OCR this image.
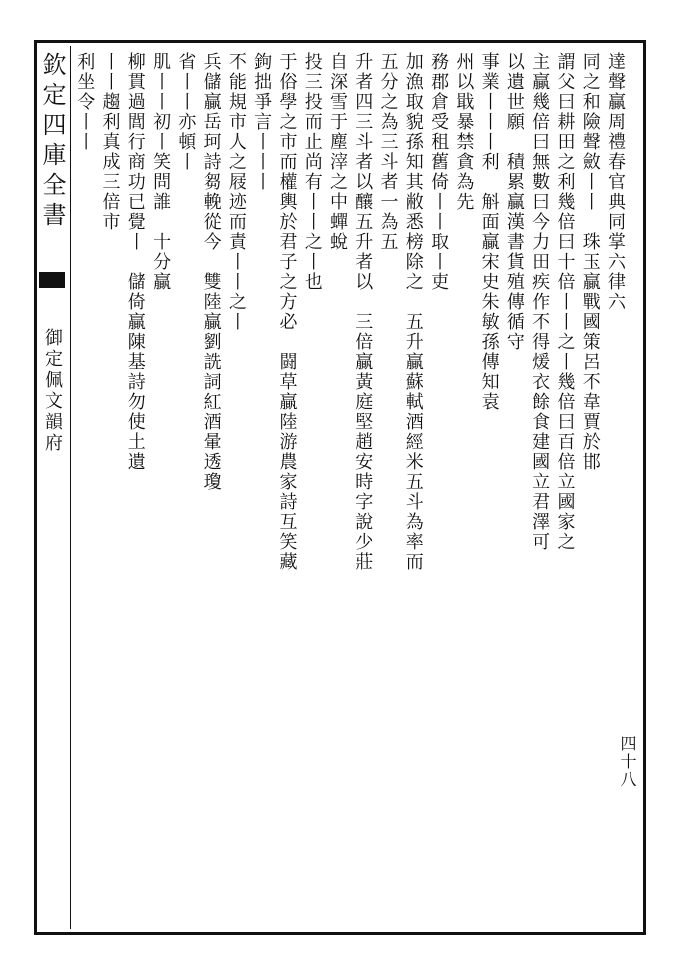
欽定四庫全書  御定佩文韻府
四十八
達聲贏周禮春官典同掌六律六
同之和險聲斂丨丨　珠玉贏戰國策呂不韋賈於邯
謂父曰耕田之利幾倍曰十倍丨丨之丨幾倍曰百倍立國家之
主贏幾倍曰無數曰今力田疾作不得煖衣餘食建國立君澤可
以遺世願　積累贏漢書貨殖傳循守
事業丨丨丨利　斛面贏宋史朱敏孫傳知袁
州以戢暴禁貪為先
務郡倉受租舊倚丨丨取丨吏
加漁取貌孫知其敝悉榜除之　五升贏蘇軾酒經米五斗為率而
五分之為三斗者一為五
升者四三斗者以釀五升者以　三倍贏黃庭堅趙安時字說少莊
自深雪于塵滓之中蟬蛻
投三投而止尚有丨丨之丨也
于俗學之市而權輿於君子之方必　闘草贏陸游農家詩互笑藏
鉤拙爭言丨丨丨
不能規市人之屐迹而責丨丨之丨
兵儲贏岳珂詩芻輓從今　雙陸贏劉詵詞紅酒暈透瓊
省丨丨亦頓丨
肌丨丨初丨笑問誰　十分贏
柳貫過閭行商功已覺丨　儲倚贏陳基詩勿使土遺
丨丨趨利真成三倍市
利坐令丨丨
